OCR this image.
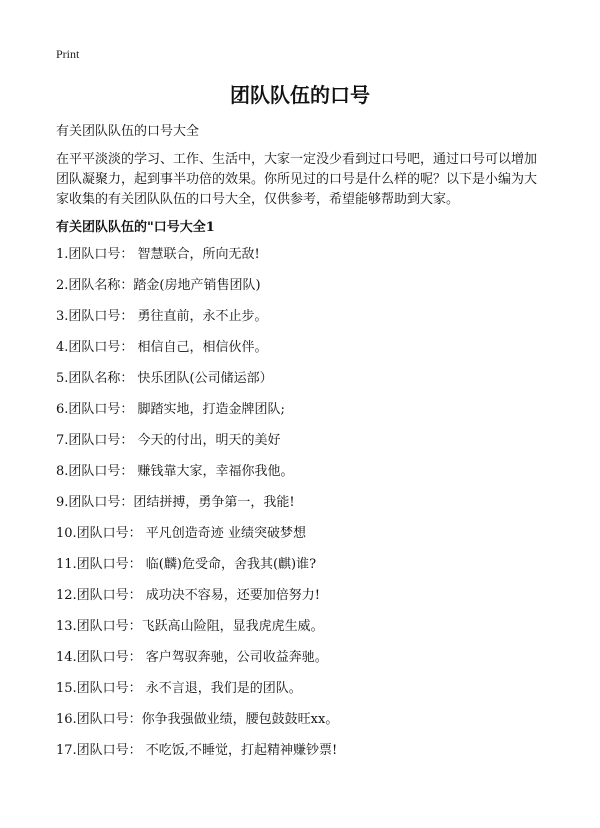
Print
团队队伍的口号

有关团队队伍的口号大全

在平平淡淡的学习、工作、生活中，大家一定没少看到过口号吧，通过口号可以增加团队凝聚力，起到事半功倍的效果。你所见过的口号是什么样的呢？以下是小编为大家收集的有关团队队伍的口号大全，仅供参考，希望能够帮助到大家。

有关团队队伍的"口号大全1

1.团队口号： 智慧联合，所向无敌!
2.团队名称：踏金(房地产销售团队)
3.团队口号： 勇往直前，永不止步。
4.团队口号： 相信自己，相信伙伴。
5.团队名称： 快乐团队(公司储运部）
6.团队口号： 脚踏实地，打造金牌团队;
7.团队口号： 今天的付出，明天的美好
8.团队口号： 赚钱靠大家，幸福你我他。
9.团队口号：团结拼搏，勇争第一，我能!
10.团队口号： 平凡创造奇迹 业绩突破梦想
11.团队口号： 临(麟)危受命，舍我其(麒)谁?
12.团队口号： 成功决不容易，还要加倍努力!
13.团队口号：飞跃高山险阻，显我虎虎生威。
14.团队口号： 客户驾驭奔驰，公司收益奔驰。
15.团队口号： 永不言退，我们是的团队。
16.团队口号：你争我强做业绩，腰包鼓鼓旺xx。
17.团队口号： 不吃饭,不睡觉，打起精神赚钞票!
